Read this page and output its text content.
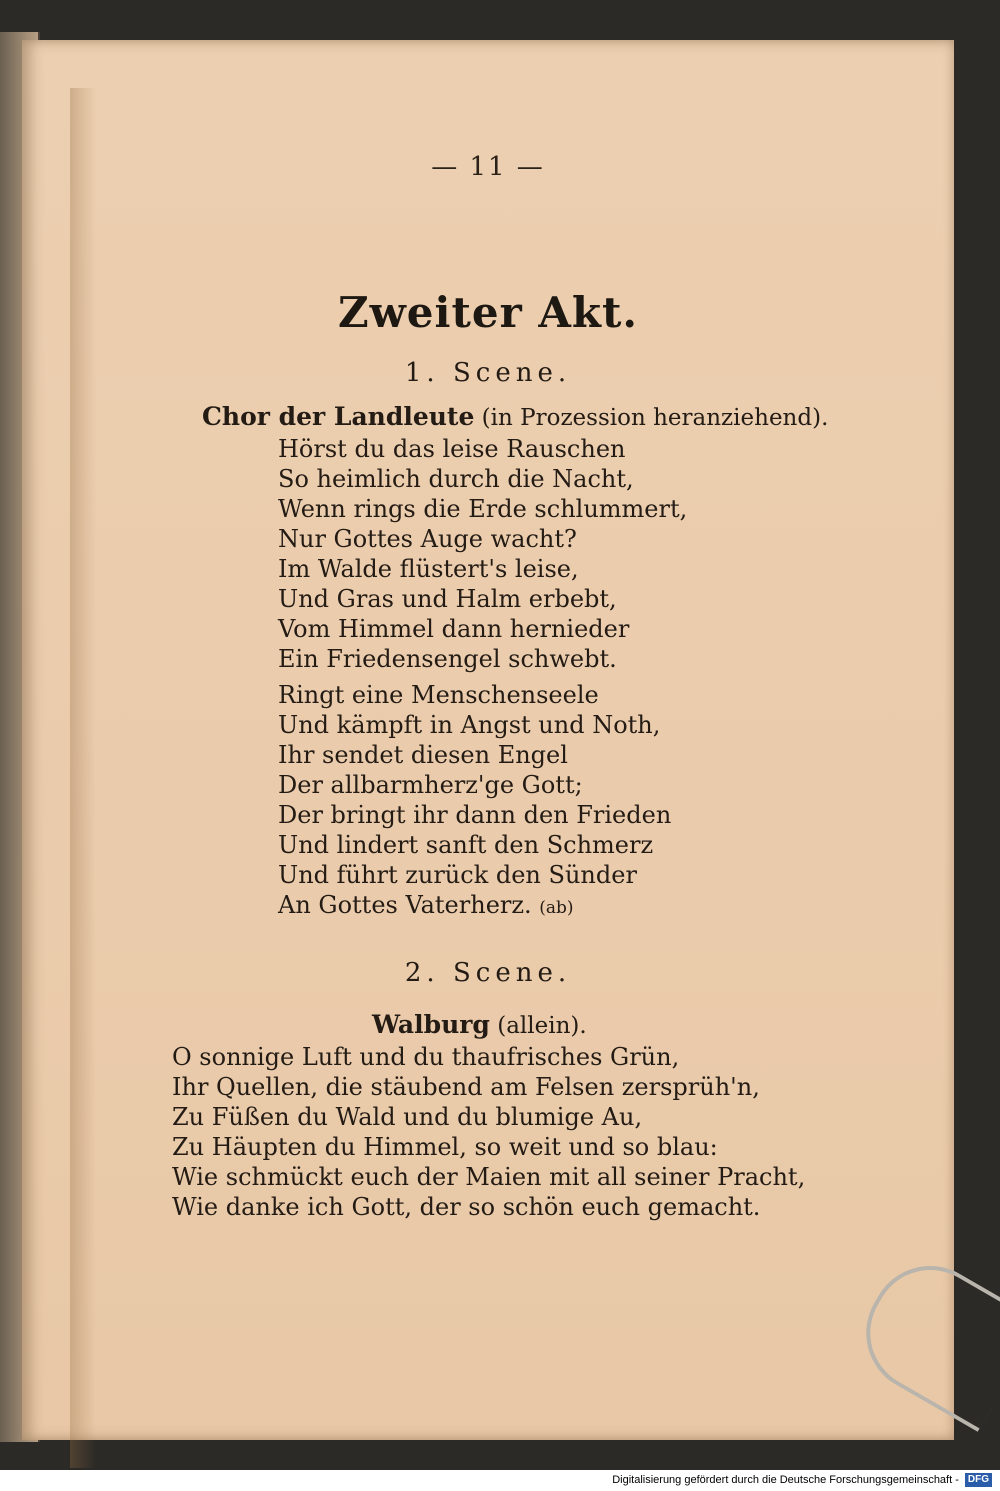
— 11 —
Zweiter Akt.
1. Scene.
Chor der Landleute (in Prozession heranziehend).
Hörst du das leise Rauschen
So heimlich durch die Nacht,
Wenn rings die Erde schlummert,
Nur Gottes Auge wacht?
Im Walde flüstert's leise,
Und Gras und Halm erbebt,
Vom Himmel dann hernieder
Ein Friedensengel schwebt.
Ringt eine Menschenseele
Und kämpft in Angst und Noth,
Ihr sendet diesen Engel
Der allbarmherz'ge Gott;
Der bringt ihr dann den Frieden
Und lindert sanft den Schmerz
Und führt zurück den Sünder
An Gottes Vaterherz. (ab)
2. Scene.
Walburg (allein).
O sonnige Luft und du thaufrisches Grün,
Ihr Quellen, die stäubend am Felsen zersprüh'n,
Zu Füßen du Wald und du blumige Au,
Zu Häupten du Himmel, so weit und so blau:
Wie schmückt euch der Maien mit all seiner Pracht,
Wie danke ich Gott, der so schön euch gemacht.
Digitalisierung gefördert durch die Deutsche Forschungsgemeinschaft - DFG
